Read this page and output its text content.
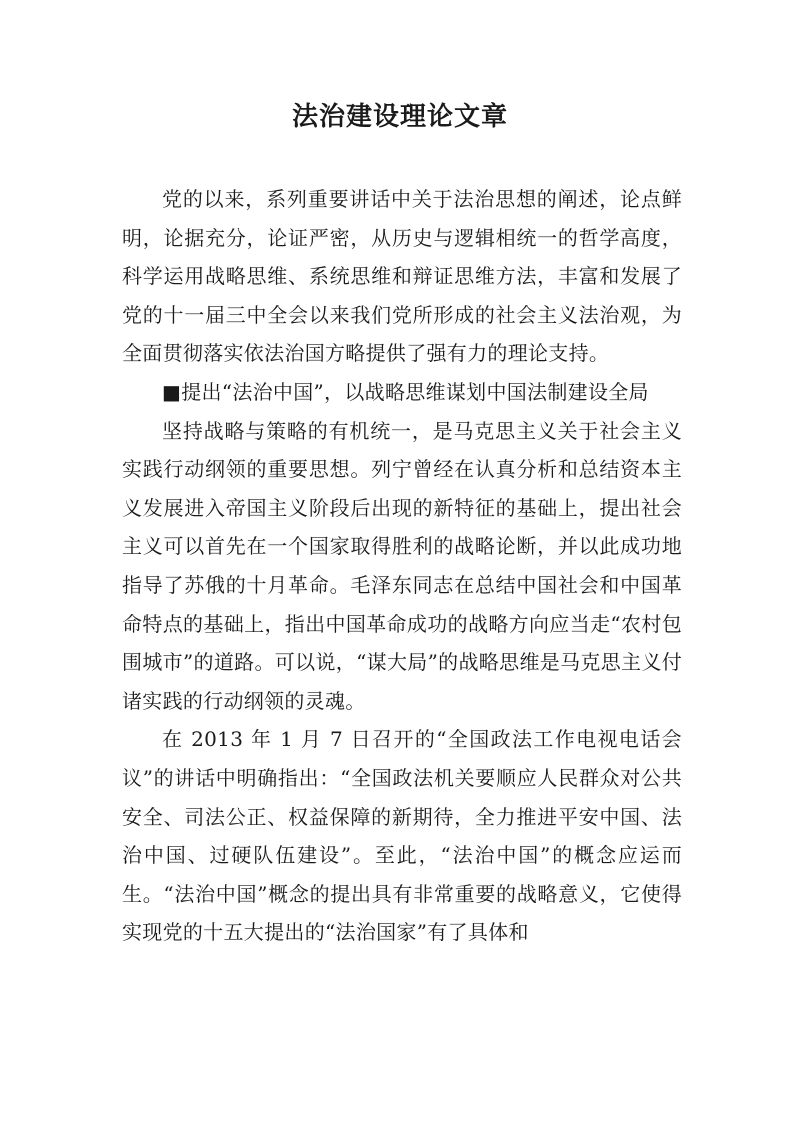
法治建设理论文章

党的以来，系列重要讲话中关于法治思想的阐述，论点鲜明，论据充分，论证严密，从历史与逻辑相统一的哲学高度，科学运用战略思维、系统思维和辩证思维方法，丰富和发展了党的十一届三中全会以来我们党所形成的社会主义法治观，为全面贯彻落实依法治国方略提供了强有力的理论支持。

■提出“法治中国”，以战略思维谋划中国法制建设全局

坚持战略与策略的有机统一，是马克思主义关于社会主义实践行动纲领的重要思想。列宁曾经在认真分析和总结资本主义发展进入帝国主义阶段后出现的新特征的基础上，提出社会主义可以首先在一个国家取得胜利的战略论断，并以此成功地指导了苏俄的十月革命。毛泽东同志在总结中国社会和中国革命特点的基础上，指出中国革命成功的战略方向应当走“农村包围城市”的道路。可以说，“谋大局”的战略思维是马克思主义付诸实践的行动纲领的灵魂。

在 2013 年 1 月 7 日召开的“全国政法工作电视电话会议”的讲话中明确指出：“全国政法机关要顺应人民群众对公共安全、司法公正、权益保障的新期待，全力推进平安中国、法治中国、过硬队伍建设”。至此，“法治中国”的概念应运而生。“法治中国”概念的提出具有非常重要的战略意义，它使得实现党的十五大提出的“法治国家”有了具体和
